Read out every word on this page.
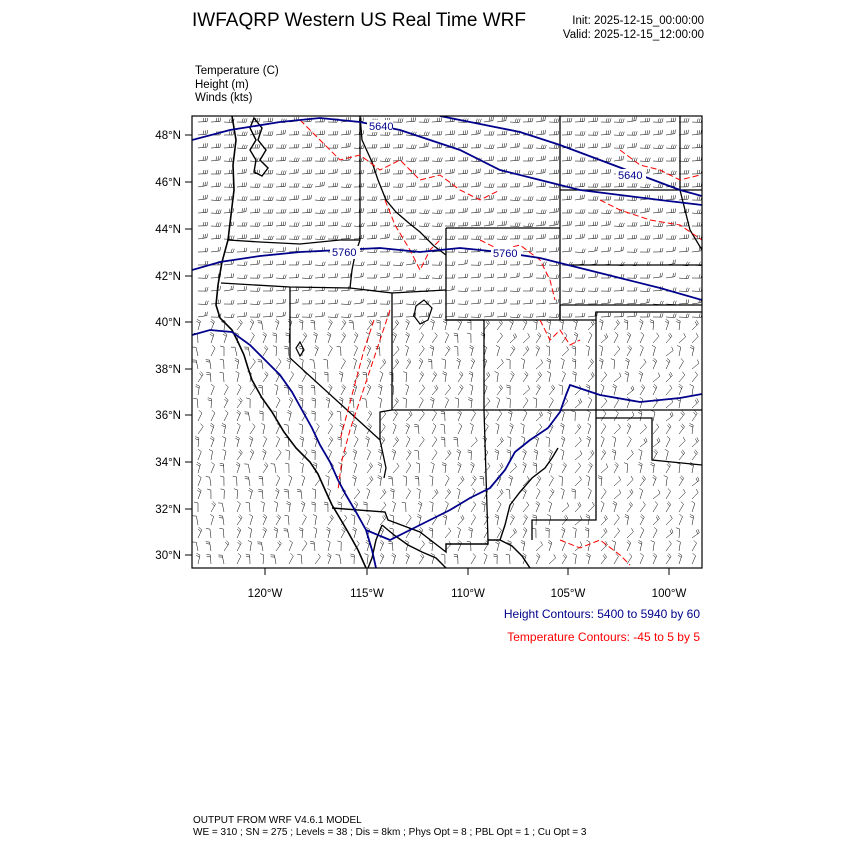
IWFAQRP Western US Real Time WRF	Init: 2025-12-15_00:00:00
Valid: 2025-12-15_12:00:00
Temperature (C)
Height (m)
Winds (kts)
5640
5760	5760
5640
48°N
46°N
44°N
42°N
40°N
38°N
36°N
34°N
32°N
30°N
120°W	115°W	110°W	105°W	100°W
Height Contours: 5400 to 5940 by 60
Temperature Contours: -45 to 5 by 5
OUTPUT FROM WRF V4.6.1 MODEL
WE = 310 ; SN = 275 ; Levels = 38 ; Dis = 8km ; Phys Opt = 8 ; PBL Opt = 1 ; Cu Opt = 3
